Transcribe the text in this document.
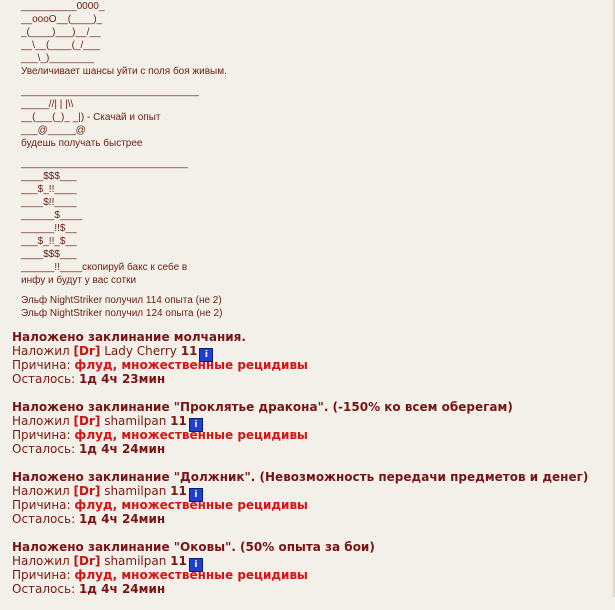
__________0000_
__oooO__(____)_
_(____)___)__/__
__\__(____(_/___
___\_)________
Увеличивает шансы уйти с поля боя живым.
________________________________
_____//| | |\\
__(___(_)_ _|) - Скачай и опыт
___@_____@
будешь получать быстрее
______________________________
____$$$___
___$_!!____
____$!!____
______$____
______!!$__
___$_!!_$__
____$$$___
______!!____скопируй бакс к себе в
инфу и будут у вас сотки
Эльф NightStriker получил 114 опыта (не 2)
Эльф NightStriker получил 124 опыта (не 2)
Наложено заклинание молчания.
Наложил [Dr] Lady Cherry 11 i
Причина: флуд, множественные рецидивы
Осталось: 1д 4ч 23мин
Наложено заклинание "Проклятье дракона". (-150% ко всем оберегам)
Наложил [Dr] shamilpan 11 i
Причина: флуд, множественные рецидивы
Осталось: 1д 4ч 24мин
Наложено заклинание "Должник". (Невозможность передачи предметов и денег)
Наложил [Dr] shamilpan 11 i
Причина: флуд, множественные рецидивы
Осталось: 1д 4ч 24мин
Наложено заклинание "Оковы". (50% опыта за бои)
Наложил [Dr] shamilpan 11 i
Причина: флуд, множественные рецидивы
Осталось: 1д 4ч 24мин
